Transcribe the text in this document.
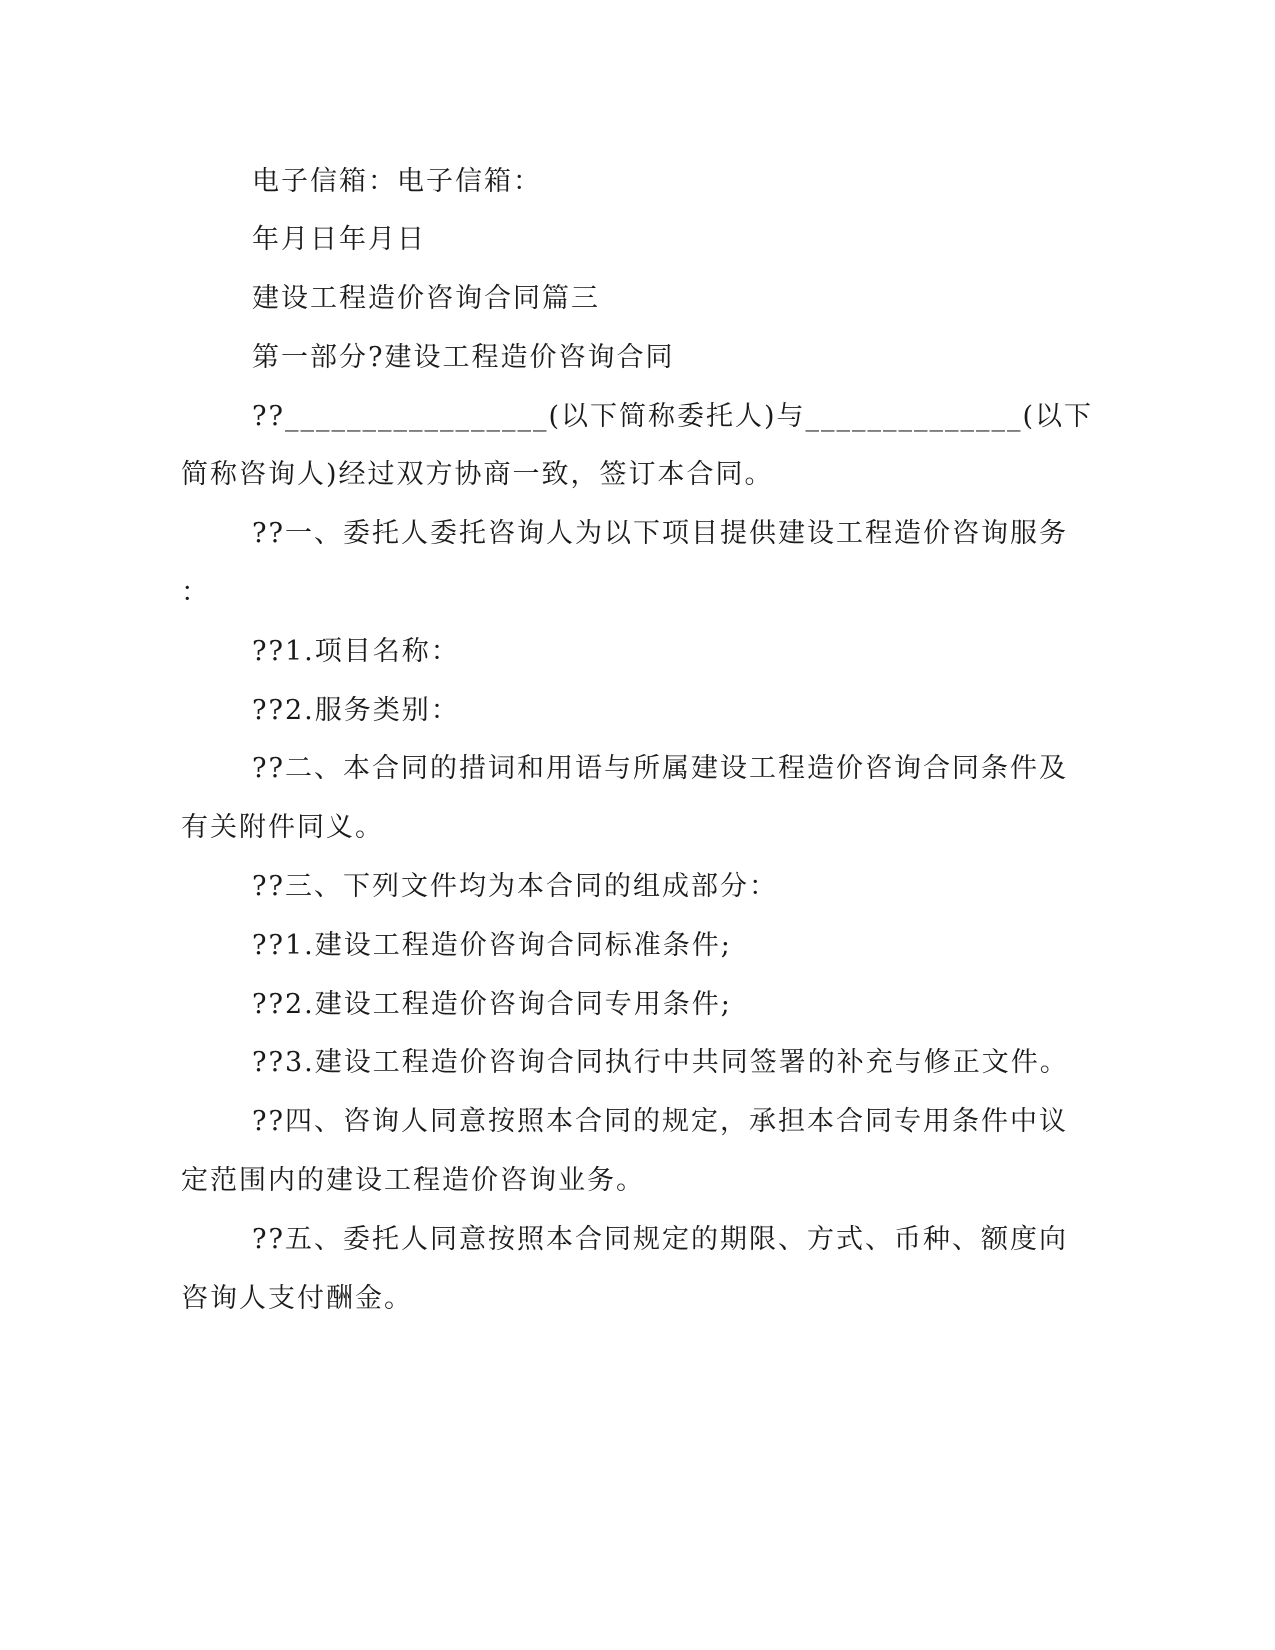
电子信箱：电子信箱：
年月日年月日
建设工程造价咨询合同篇三
第一部分?建设工程造价咨询合同
??_________________(以下简称委托人)与______________(以下
简称咨询人)经过双方协商一致，签订本合同。
??一、委托人委托咨询人为以下项目提供建设工程造价咨询服务
：
??1.项目名称：
??2.服务类别：
??二、本合同的措词和用语与所属建设工程造价咨询合同条件及
有关附件同义。
??三、下列文件均为本合同的组成部分：
??1.建设工程造价咨询合同标准条件;
??2.建设工程造价咨询合同专用条件;
??3.建设工程造价咨询合同执行中共同签署的补充与修正文件。
??四、咨询人同意按照本合同的规定，承担本合同专用条件中议
定范围内的建设工程造价咨询业务。
??五、委托人同意按照本合同规定的期限、方式、币种、额度向
咨询人支付酬金。
